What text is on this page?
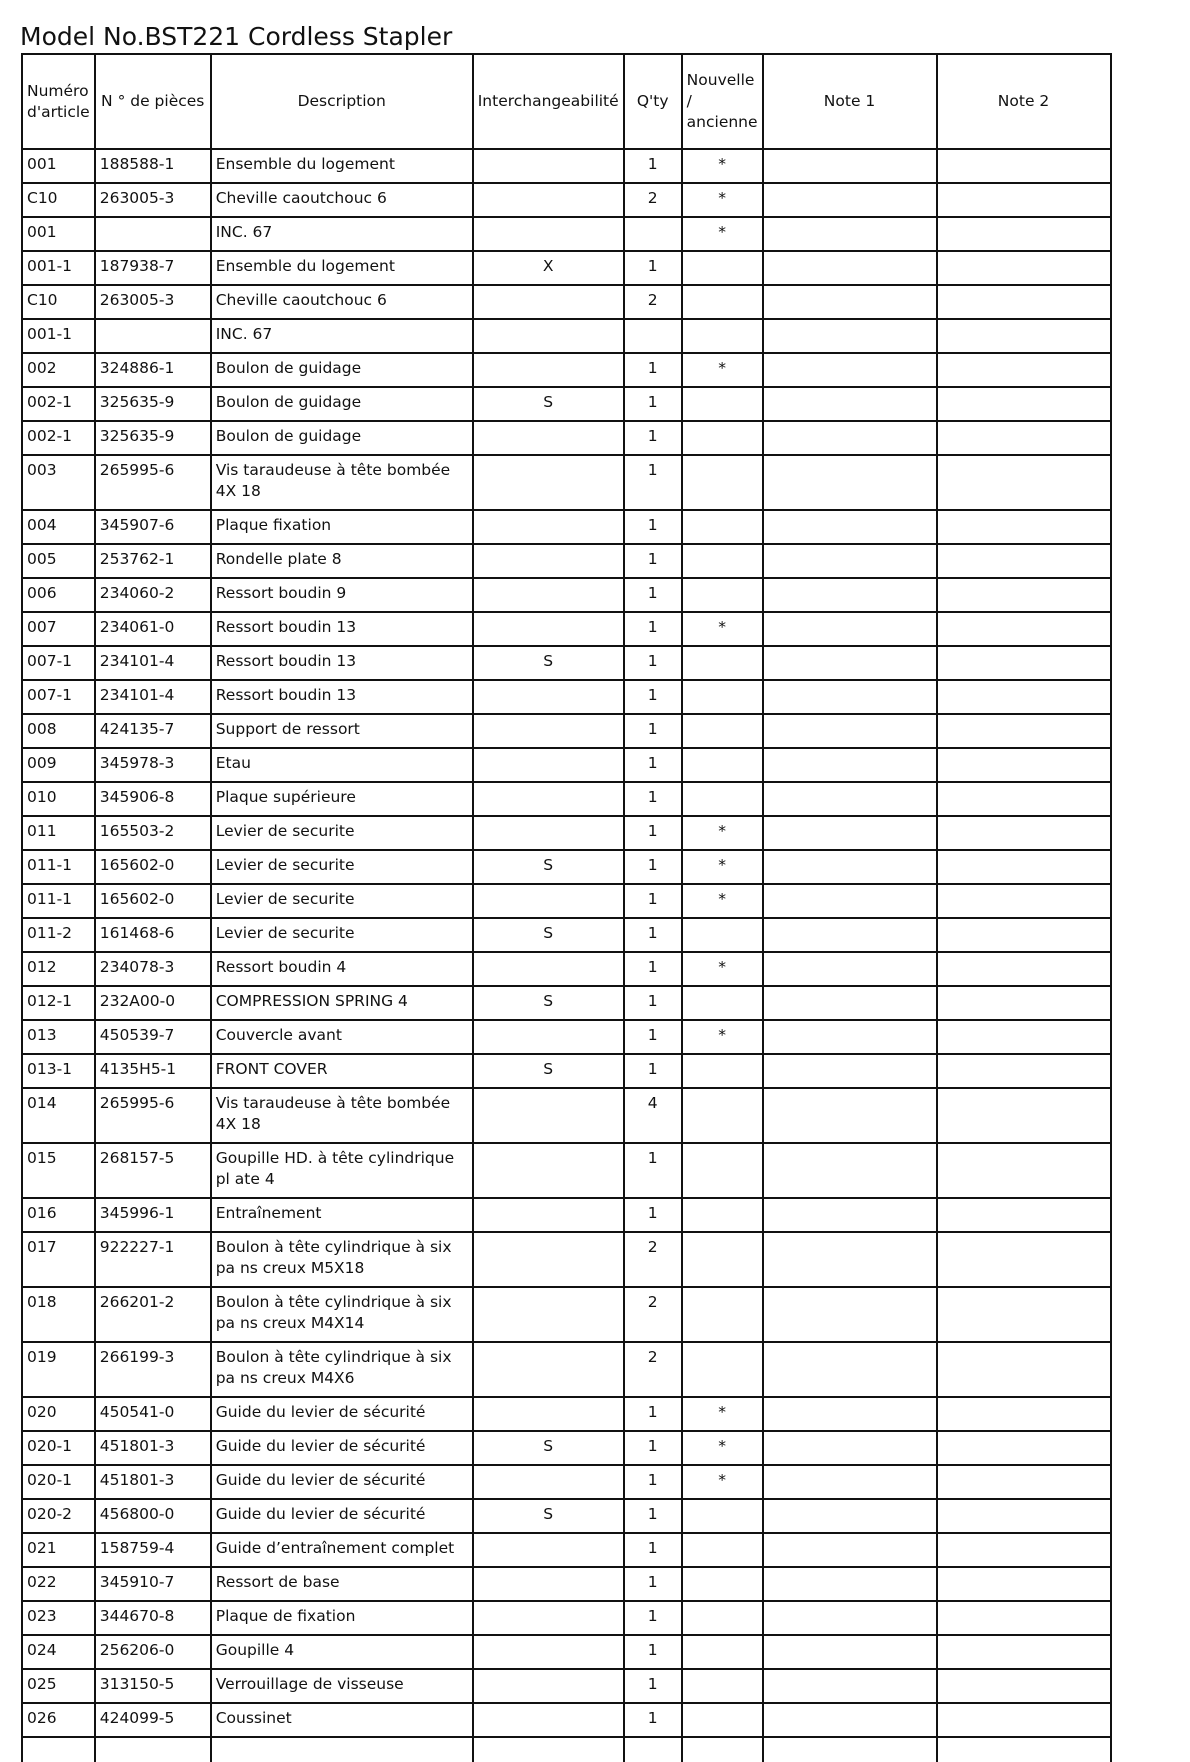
Model No.BST221 Cordless Stapler
Numéro d'article	N ° de pièces	Description	Interchangeabilité	Q'ty	Nouvelle / ancienne	Note 1	Note 2
001	188588-1	Ensemble du logement		1	*		
C10	263005-3	Cheville caoutchouc 6		2	*		
001		INC. 67			*		
001-1	187938-7	Ensemble du logement	X	1			
C10	263005-3	Cheville caoutchouc 6		2			
001-1		INC. 67					
002	324886-1	Boulon de guidage		1	*		
002-1	325635-9	Boulon de guidage	S	1			
002-1	325635-9	Boulon de guidage		1			
003	265995-6	Vis taraudeuse à tête bombée 4X 18		1			
004	345907-6	Plaque fixation		1			
005	253762-1	Rondelle plate 8		1			
006	234060-2	Ressort boudin 9		1			
007	234061-0	Ressort boudin 13		1	*		
007-1	234101-4	Ressort boudin 13	S	1			
007-1	234101-4	Ressort boudin 13		1			
008	424135-7	Support de ressort		1			
009	345978-3	Etau		1			
010	345906-8	Plaque supérieure		1			
011	165503-2	Levier de securite		1	*		
011-1	165602-0	Levier de securite	S	1	*		
011-1	165602-0	Levier de securite		1	*		
011-2	161468-6	Levier de securite	S	1			
012	234078-3	Ressort boudin 4		1	*		
012-1	232A00-0	COMPRESSION SPRING 4	S	1			
013	450539-7	Couvercle avant		1	*		
013-1	4135H5-1	FRONT COVER	S	1			
014	265995-6	Vis taraudeuse à tête bombée 4X 18		4			
015	268157-5	Goupille HD. à tête cylindrique pl ate 4		1			
016	345996-1	Entraînement		1			
017	922227-1	Boulon à tête cylindrique à six pa ns creux M5X18		2			
018	266201-2	Boulon à tête cylindrique à six pa ns creux M4X14		2			
019	266199-3	Boulon à tête cylindrique à six pa ns creux M4X6		2			
020	450541-0	Guide du levier de sécurité		1	*		
020-1	451801-3	Guide du levier de sécurité	S	1	*		
020-1	451801-3	Guide du levier de sécurité		1	*		
020-2	456800-0	Guide du levier de sécurité	S	1			
021	158759-4	Guide d’entraînement complet		1			
022	345910-7	Ressort de base		1			
023	344670-8	Plaque de fixation		1			
024	256206-0	Goupille 4		1			
025	313150-5	Verrouillage de visseuse		1			
026	424099-5	Coussinet		1			
